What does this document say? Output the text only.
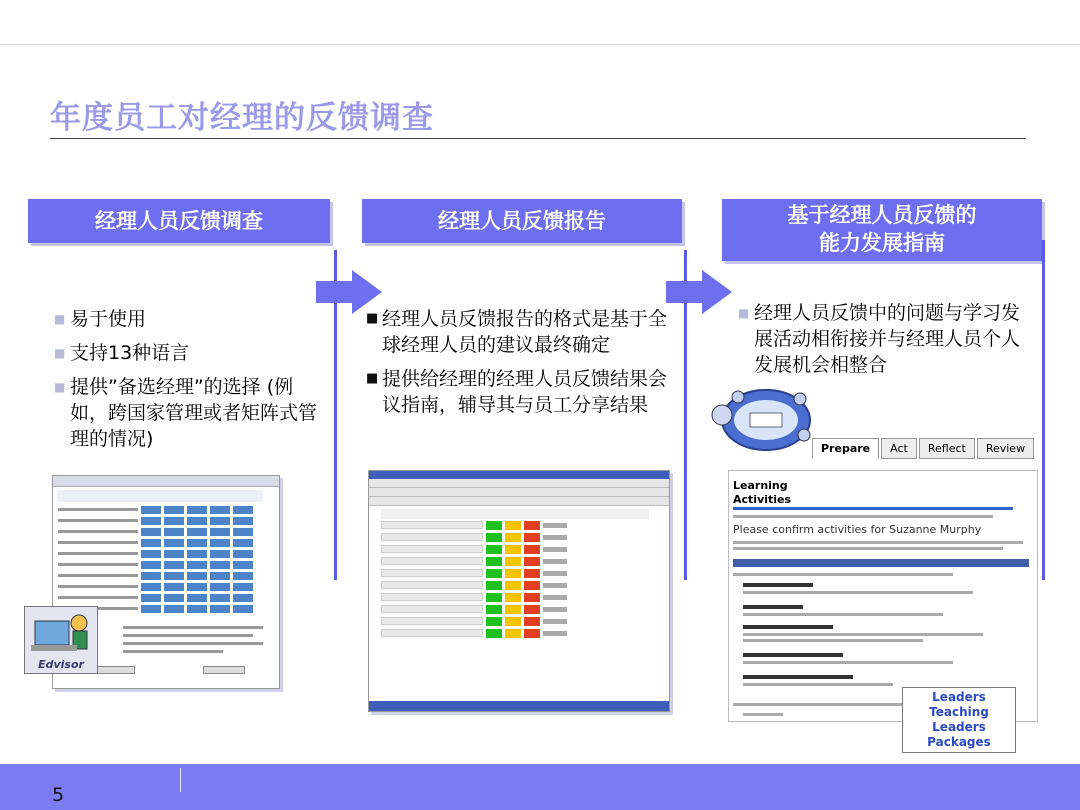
年度员工对经理的反馈调查
经理人员反馈调查	经理人员反馈报告	基于经理人员反馈的
能力发展指南
■ 易于使用
■ 支持13种语言
■ 提供”备选经理”的选择 (例如，跨国家管理或者矩阵式管理的情况)
■ 经理人员反馈报告的格式是基于全球经理人员的建议最终确定
■ 提供给经理的经理人员反馈结果会议指南，辅导其与员工分享结果
■ 经理人员反馈中的问题与学习发展活动相衔接并与经理人员个人发展机会相整合
Edvisor
Prepare	Act	Reflect	Review
Learning
Activities
Please confirm activities for Suzanne Murphy
Leaders Teaching
Leaders Packages
5
